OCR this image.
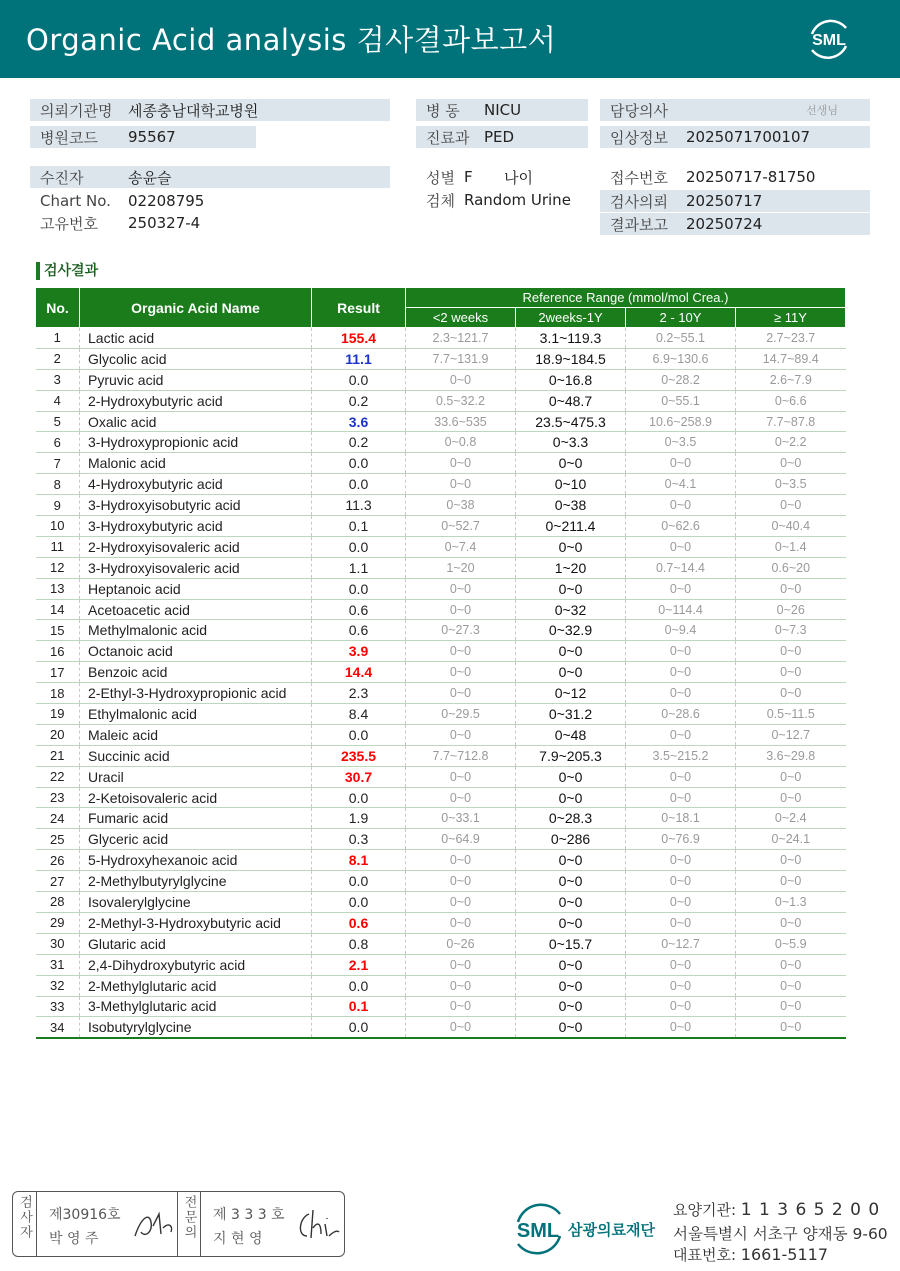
Organic Acid analysis 검사결과보고서	SML
의뢰기관명 세종충남대학교병원
병원코드 95567
수진자	송윤슬
Chart No. 02208795
고유번호 250327-4
병 동 NICU
진료과 PED
성별 F 나이
검체 Random Urine
담당의사	선생님
임상정보 2025071700107
접수번호 20250717-81750
검사의뢰 20250717
결과보고 20250724
검사결과
No.	Organic Acid Name	Result	Reference Range (mmol/mol Crea.)			
			<2 weeks	2weeks-1Y	2 - 10Y	≥ 11Y
1	Lactic acid	155.4	2.3~121.7	3.1~119.3	0.2~55.1	2.7~23.7
2	Glycolic acid	11.1	7.7~131.9	18.9~184.5	6.9~130.6	14.7~89.4
3	Pyruvic acid	0.0	0~0	0~16.8	0~28.2	2.6~7.9
4	2-Hydroxybutyric acid	0.2	0.5~32.2	0~48.7	0~55.1	0~6.6
5	Oxalic acid	3.6	33.6~535	23.5~475.3	10.6~258.9	7.7~87.8
6	3-Hydroxypropionic acid	0.2	0~0.8	0~3.3	0~3.5	0~2.2
7	Malonic acid	0.0	0~0	0~0	0~0	0~0
8	4-Hydroxybutyric acid	0.0	0~0	0~10	0~4.1	0~3.5
9	3-Hydroxyisobutyric acid	11.3	0~38	0~38	0~0	0~0
10	3-Hydroxybutyric acid	0.1	0~52.7	0~211.4	0~62.6	0~40.4
11	2-Hydroxyisovaleric acid	0.0	0~7.4	0~0	0~0	0~1.4
12	3-Hydroxyisovaleric acid	1.1	1~20	1~20	0.7~14.4	0.6~20
13	Heptanoic acid	0.0	0~0	0~0	0~0	0~0
14	Acetoacetic acid	0.6	0~0	0~32	0~114.4	0~26
15	Methylmalonic acid	0.6	0~27.3	0~32.9	0~9.4	0~7.3
16	Octanoic acid	3.9	0~0	0~0	0~0	0~0
17	Benzoic acid	14.4	0~0	0~0	0~0	0~0
18	2-Ethyl-3-Hydroxypropionic acid	2.3	0~0	0~12	0~0	0~0
19	Ethylmalonic acid	8.4	0~29.5	0~31.2	0~28.6	0.5~11.5
20	Maleic acid	0.0	0~0	0~48	0~0	0~12.7
21	Succinic acid	235.5	7.7~712.8	7.9~205.3	3.5~215.2	3.6~29.8
22	Uracil	30.7	0~0	0~0	0~0	0~0
23	2-Ketoisovaleric acid	0.0	0~0	0~0	0~0	0~0
24	Fumaric acid	1.9	0~33.1	0~28.3	0~18.1	0~2.4
25	Glyceric acid	0.3	0~64.9	0~286	0~76.9	0~24.1
26	5-Hydroxyhexanoic acid	8.1	0~0	0~0	0~0	0~0
27	2-Methylbutyrylglycine	0.0	0~0	0~0	0~0	0~0
28	Isovalerylglycine	0.0	0~0	0~0	0~0	0~1.3
29	2-Methyl-3-Hydroxybutyric acid	0.6	0~0	0~0	0~0	0~0
30	Glutaric acid	0.8	0~26	0~15.7	0~12.7	0~5.9
31	2,4-Dihydroxybutyric acid	2.1	0~0	0~0	0~0	0~0
32	2-Methylglutaric acid	0.0	0~0	0~0	0~0	0~0
33	3-Methylglutaric acid	0.1	0~0	0~0	0~0	0~0
34	Isobutyrylglycine	0.0	0~0	0~0	0~0	0~0
검사자	제30916호
박 영 주	전문의	제 3 3 3 호
지 현 영	SML 삼광의료재단
요양기관: 1 1 3 6 5 2 0 0
서울특별시 서초구 양재동 9-60
대표번호: 1661-5117
